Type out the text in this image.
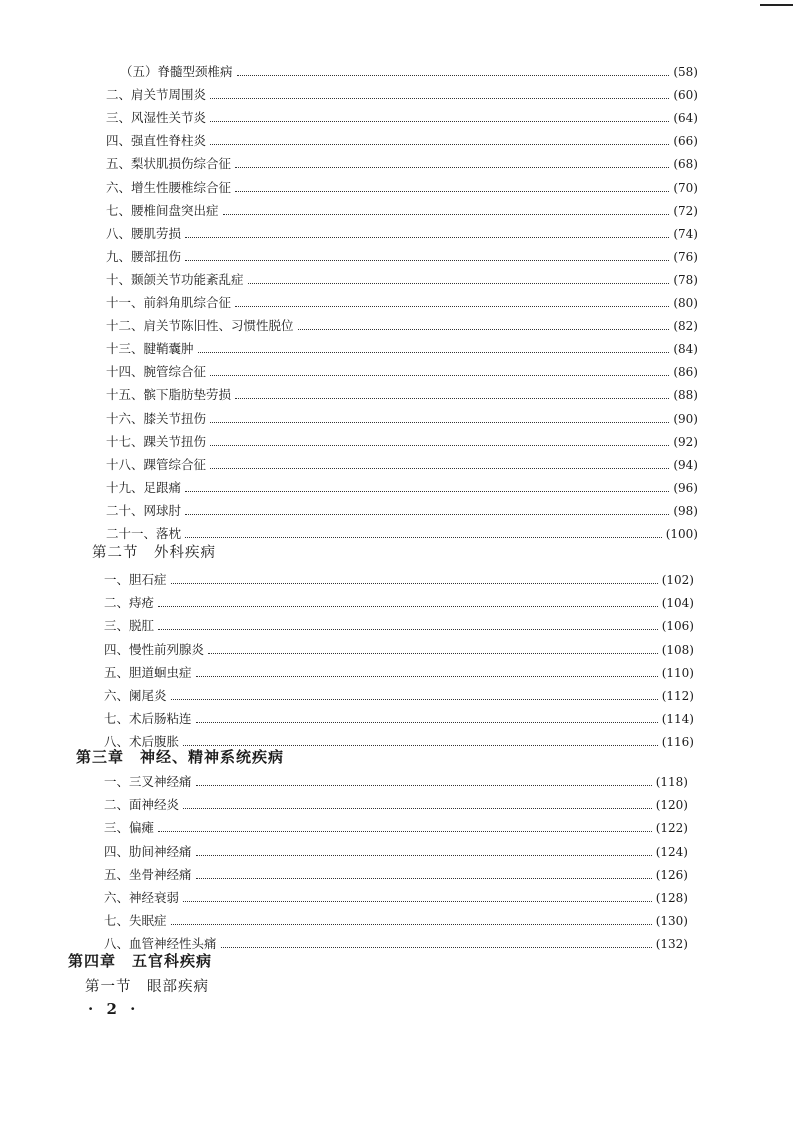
（五）脊髓型颈椎病	(58)
二、肩关节周围炎	(60)
三、风湿性关节炎	(64)
四、强直性脊柱炎	(66)
五、梨状肌损伤综合征	(68)
六、增生性腰椎综合征	(70)
七、腰椎间盘突出症	(72)
八、腰肌劳损	(74)
九、腰部扭伤	(76)
十、颞颌关节功能紊乱症	(78)
十一、前斜角肌综合征	(80)
十二、肩关节陈旧性、习惯性脱位	(82)
十三、腱鞘囊肿	(84)
十四、腕管综合征	(86)
十五、髌下脂肪垫劳损	(88)
十六、膝关节扭伤	(90)
十七、踝关节扭伤	(92)
十八、踝管综合征	(94)
十九、足跟痛	(96)
二十、网球肘	(98)
二十一、落枕	(100)
第二节　外科疾病
一、胆石症	(102)
二、痔疮	(104)
三、脱肛	(106)
四、慢性前列腺炎	(108)
五、胆道蛔虫症	(110)
六、阑尾炎	(112)
七、术后肠粘连	(114)
八、术后腹胀	(116)
第三章　神经、精神系统疾病
一、三叉神经痛	(118)
二、面神经炎	(120)
三、偏瘫	(122)
四、肋间神经痛	(124)
五、坐骨神经痛	(126)
六、神经衰弱	(128)
七、失眠症	(130)
八、血管神经性头痛	(132)
第四章　五官科疾病
第一节　眼部疾病
· 2 ·
